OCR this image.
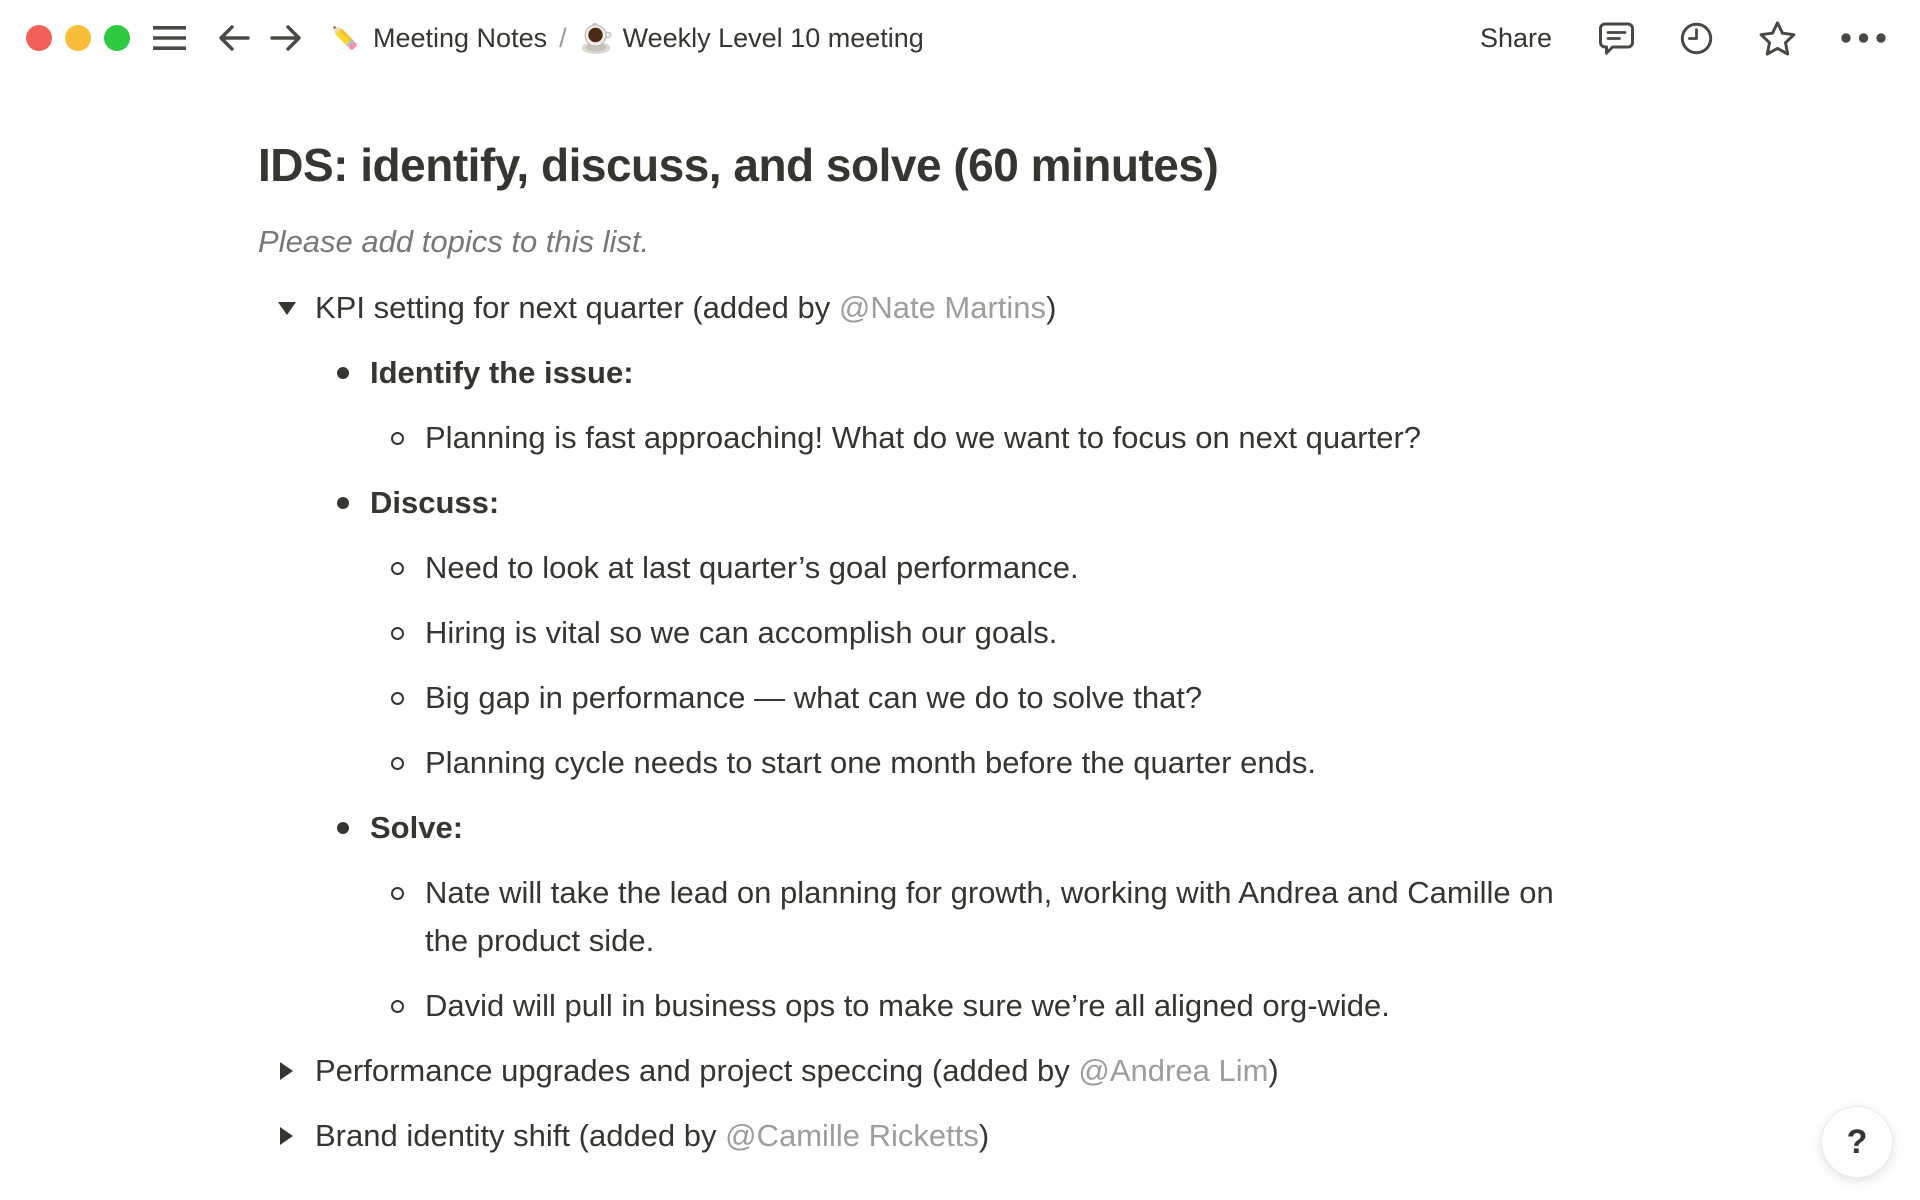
Meeting Notes / Weekly Level 10 meeting	Share
IDS: identify, discuss, and solve (60 minutes)

Please add topics to this list.

KPI setting for next quarter (added by @Nate Martins)
Identify the issue:
Planning is fast approaching! What do we want to focus on next quarter?
Discuss:
Need to look at last quarter’s goal performance.
Hiring is vital so we can accomplish our goals.
Big gap in performance — what can we do to solve that?
Planning cycle needs to start one month before the quarter ends.
Solve:
Nate will take the lead on planning for growth, working with Andrea and Camille on the product side.
David will pull in business ops to make sure we’re all aligned org-wide.
Performance upgrades and project speccing (added by @Andrea Lim)
Brand identity shift (added by @Camille Ricketts)	?
